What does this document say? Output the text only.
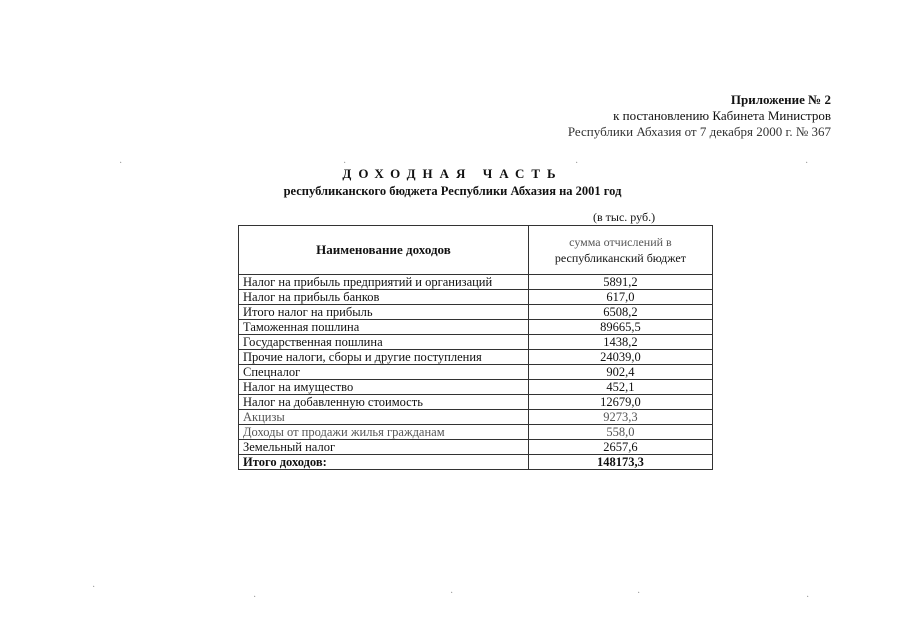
Приложение № 2
к постановлению Кабинета Министров
Республики Абхазия от 7 декабря 2000 г. № 367
ДОХОДНАЯ ЧАСТЬ
республиканского бюджета Республики Абхазия на 2001 год
(в тыс. руб.)
Наименование доходов	сумма отчислений в
республиканский бюджет

Налог на прибыль предприятий и организаций	5891,2
Налог на прибыль банков	617,0
Итого налог на прибыль	6508,2
Таможенная пошлина	89665,5
Государственная пошлина	1438,2
Прочие налоги, сборы и другие поступления	24039,0
Спецналог	902,4
Налог на имущество	452,1
Налог на добавленную стоимость	12679,0
Акцизы	9273,3
Доходы от продажи жилья гражданам	558,0
Земельный налог	2657,6
Итого доходов:	148173,3
·	·	·	·
·
·	·	·	·
